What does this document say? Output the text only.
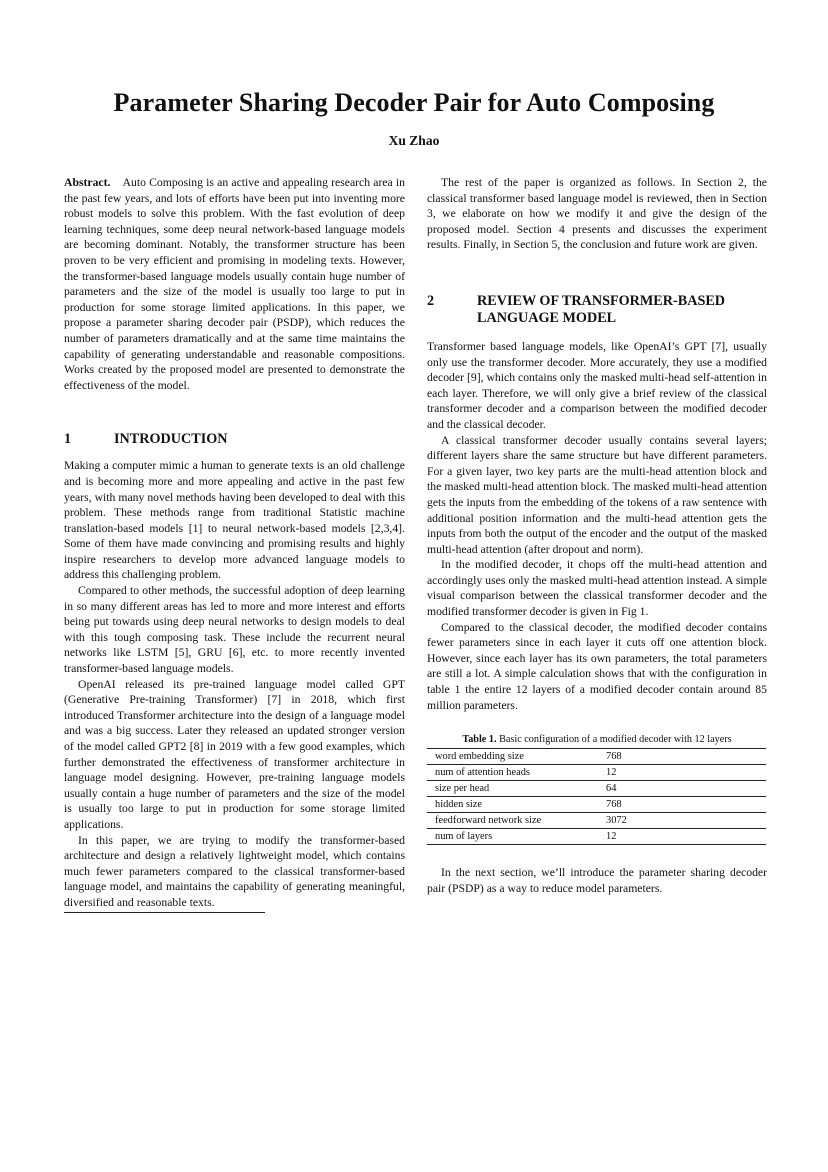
Parameter Sharing Decoder Pair for Auto Composing
Xu Zhao

Abstract. Auto Composing is an active and appealing research area in the past few years, and lots of efforts have been put into inventing more robust models to solve this problem. With the fast evolution of deep learning techniques, some deep neural network-based language models are becoming dominant. Notably, the transformer structure has been proven to be very efficient and promising in modeling texts. However, the transformer-based language models usually contain huge number of parameters and the size of the model is usually too large to put in production for some storage limited applications. In this paper, we propose a parameter sharing decoder pair (PSDP), which reduces the number of parameters dramatically and at the same time maintains the capability of generating understandable and reasonable compositions. Works created by the proposed model are presented to demonstrate the effectiveness of the model.

1	INTRODUCTION

Making a computer mimic a human to generate texts is an old challenge and is becoming more and more appealing and active in the past few years, with many novel methods having been developed to deal with this problem. These methods range from traditional Statistic machine translation-based models [1] to neural network-based models [2,3,4]. Some of them have made convincing and promising results and highly inspire researchers to develop more advanced language models to address this challenging problem.

Compared to other methods, the successful adoption of deep learning in so many different areas has led to more and more interest and efforts being put towards using deep neural networks to design models to deal with this tough composing task. These include the recurrent neural networks like LSTM [5], GRU [6], etc. to more recently invented transformer-based language models.

OpenAI released its pre-trained language model called GPT (Generative Pre-training Transformer) [7] in 2018, which first introduced Transformer architecture into the design of a language model and was a big success. Later they released an updated stronger version of the model called GPT2 [8] in 2019 with a few good examples, which further demonstrated the effectiveness of transformer architecture in language model designing. However, pre-training language models usually contain a huge number of parameters and the size of the model is usually too large to put in production for some storage limited applications.

In this paper, we are trying to modify the transformer-based architecture and design a relatively lightweight model, which contains much fewer parameters compared to the classical transformer-based language model, and maintains the capability of generating meaningful, diversified and reasonable texts.

The rest of the paper is organized as follows. In Section 2, the classical transformer based language model is reviewed, then in Section 3, we elaborate on how we modify it and give the design of the proposed model. Section 4 presents and discusses the experiment results. Finally, in Section 5, the conclusion and future work are given.

2	REVIEW OF TRANSFORMER-BASED
LANGUAGE MODEL

Transformer based language models, like OpenAI’s GPT [7], usually only use the transformer decoder. More accurately, they use a modified decoder [9], which contains only the masked multi-head self-attention in each layer. Therefore, we will only give a brief review of the classical transformer decoder and a comparison between the modified decoder and the classical decoder.

A classical transformer decoder usually contains several layers; different layers share the same structure but have different parameters. For a given layer, two key parts are the multi-head attention block and the masked multi-head attention block. The masked multi-head attention gets the inputs from the embedding of the tokens of a raw sentence with additional position information and the multi-head attention gets the inputs from both the output of the encoder and the output of the masked multi-head attention (after dropout and norm).

In the modified decoder, it chops off the multi-head attention and accordingly uses only the masked multi-head attention instead. A simple visual comparison between the classical transformer decoder and the modified transformer decoder is given in Fig 1.

Compared to the classical decoder, the modified decoder contains fewer parameters since in each layer it cuts off one attention block. However, since each layer has its own parameters, the total parameters are still a lot. A simple calculation shows that with the configuration in table 1 the entire 12 layers of a modified decoder contain around 85 million parameters.

Table 1. Basic configuration of a modified decoder with 12 layers
word embedding size	768
num of attention heads	12
size per head	64
hidden size	768
feedforward network size	3072
num of layers	12

In the next section, we’ll introduce the parameter sharing decoder pair (PSDP) as a way to reduce model parameters.
